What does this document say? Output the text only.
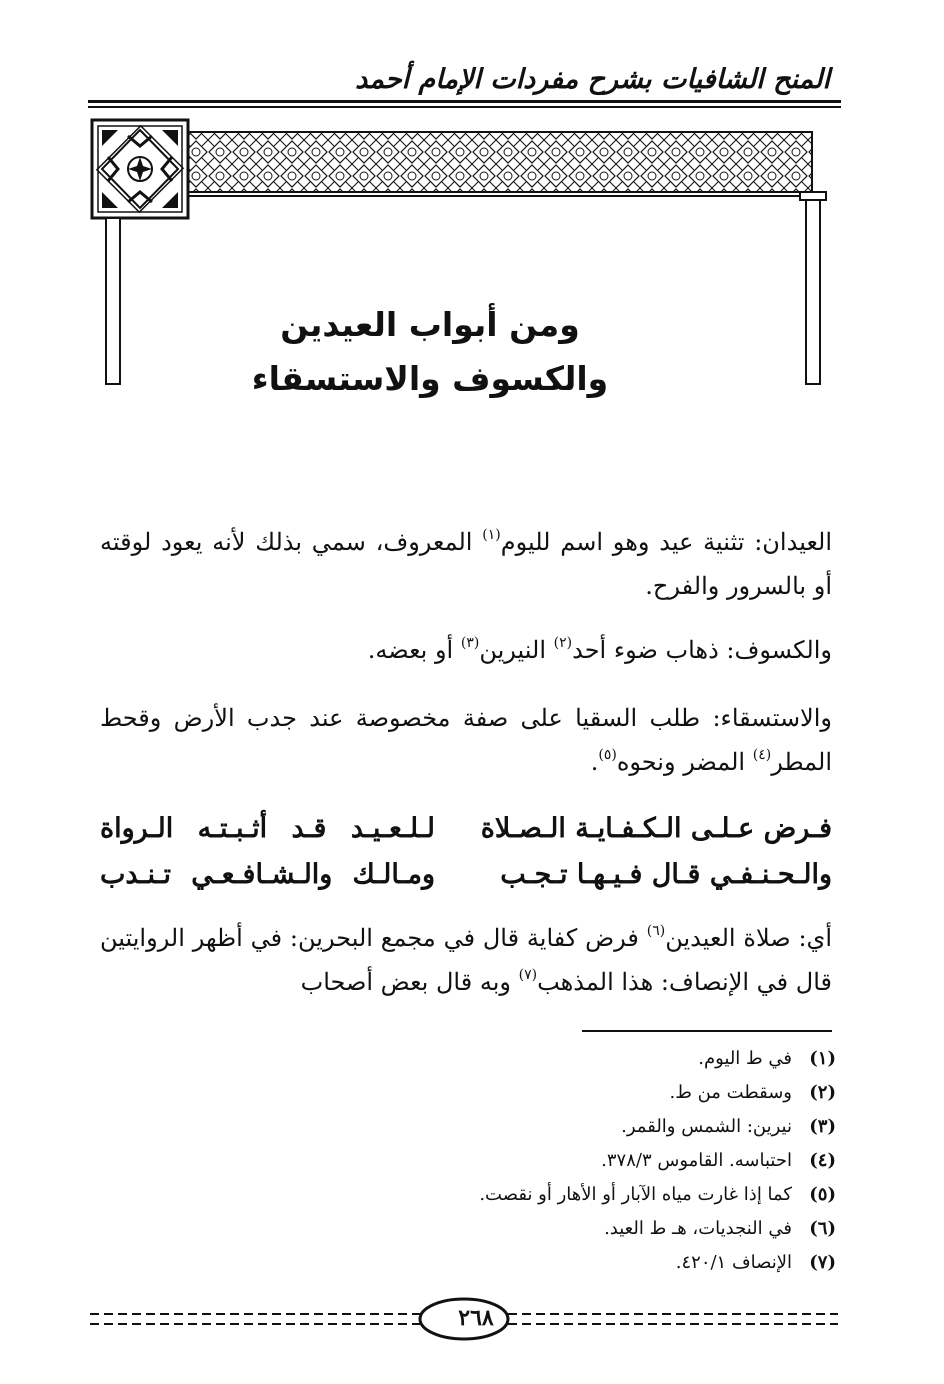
المنح الشافيات بشرح مفردات الإمام أحمد
ومن أبواب العيدين
والكسوف والاستسقاء
العيدان: تثنية عيد وهو اسم لليوم$^{(١)}$ المعروف، سمي بذلك لأنه يعود لوقته أو بالسرور والفرح.
والكسوف: ذهاب ضوء أحد$^{(٢)}$ النيرين$^{(٣)}$ أو بعضه.
والاستسقاء: طلب السقيا على صفة مخصوصة عند جدب الأرض وقحط المطر$^{(٤)}$ المضر ونحوه$^{(٥)}$.
فـرض عـلـى الـكـفـايـة الـصـلاة
لـلـعـيـد قـد أثـبـتـه الـرواة
والـحـنـفـي قـال فـيـهـا تـجـب
ومـالـك والـشـافـعـي تـنـدب
أي: صلاة العيدين$^{(٦)}$ فرض كفاية قال في مجمع البحرين: في أظهر الروايتين قال في الإنصاف: هذا المذهب$^{(٧)}$ وبه قال بعض أصحاب
(١)
في ط اليوم.
(٢)
وسقطت من ط.
(٣)
نيرين: الشمس والقمر.
(٤)
احتباسه. القاموس ٣٧٨/٣.
(٥)
كما إذا غارت مياه الآبار أو الأهار أو نقصت.
(٦)
في النجديات، هـ ط العيد.
(٧)
الإنصاف ٤٢٠/١.
٢٦٨
